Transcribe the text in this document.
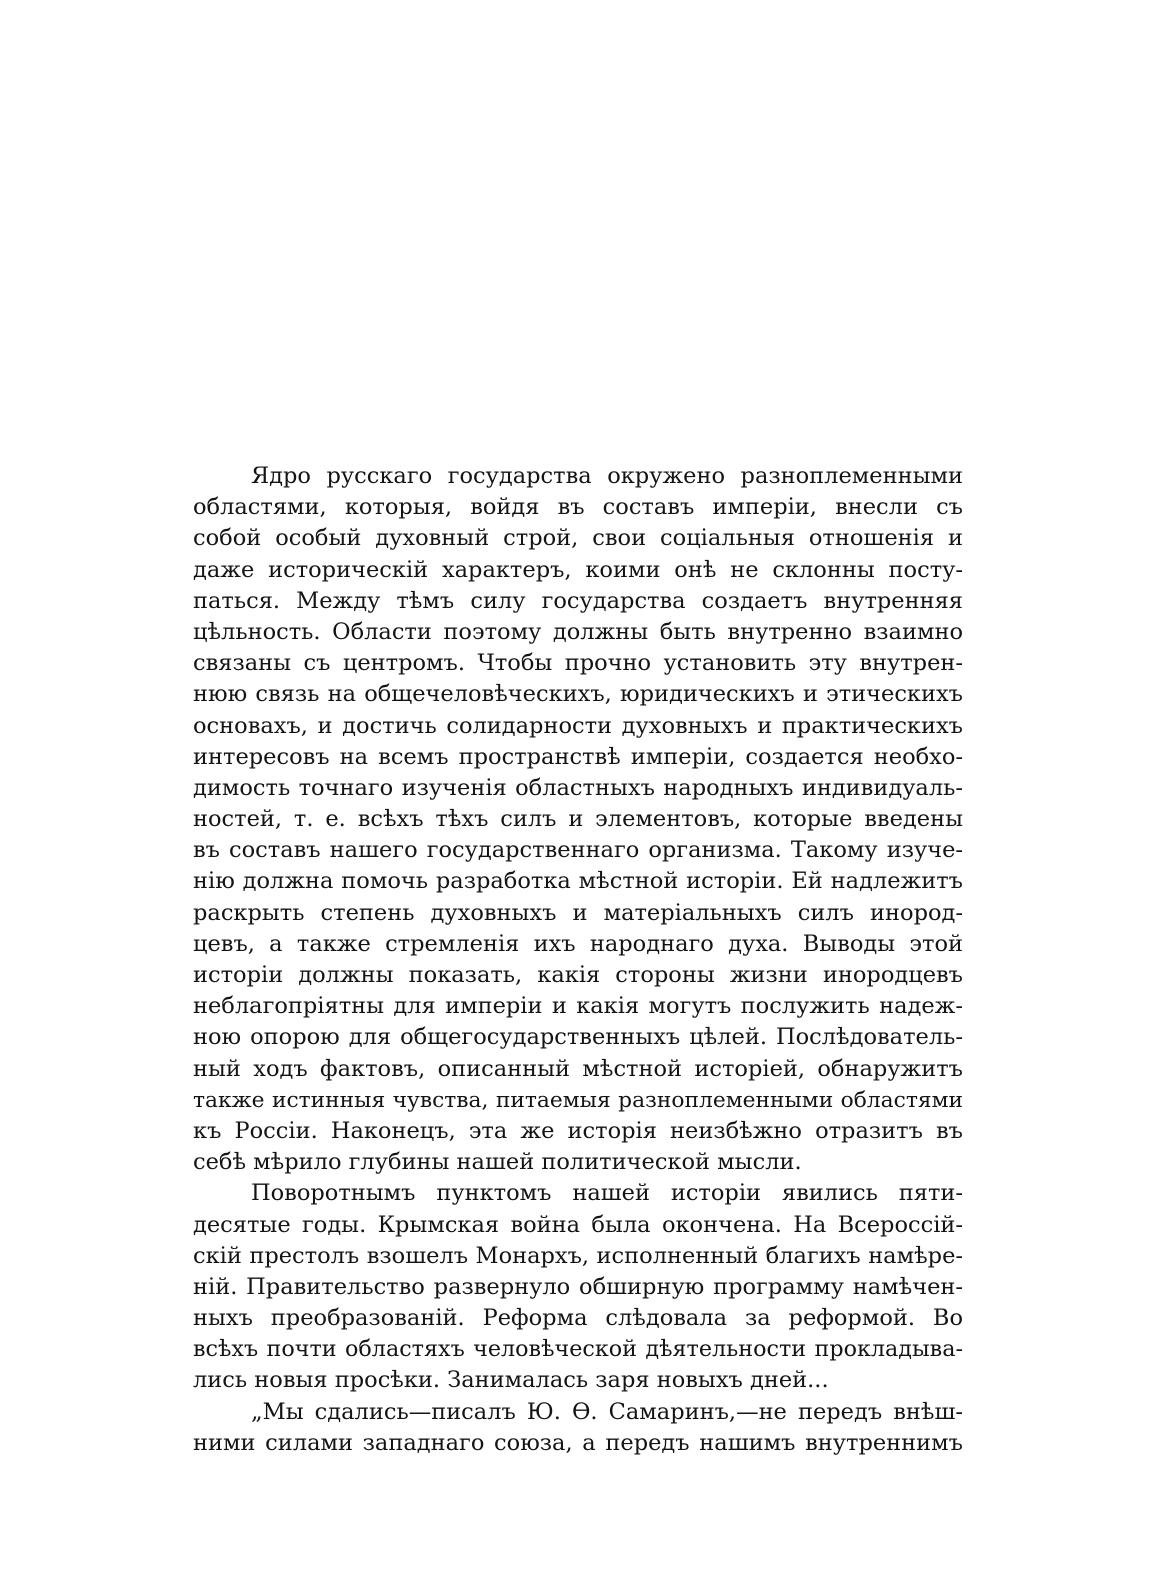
Ядро русскаго государства окружено разноплеменными
областями, которыя, войдя въ составъ имперіи, внесли съ
собой особый духовный строй, свои соціальныя отношенія и
даже историческій характеръ, коими онѣ не склонны посту-
паться. Между тѣмъ силу государства создаетъ внутренняя
цѣльность. Области поэтому должны быть внутренно взаимно
связаны съ центромъ. Чтобы прочно установить эту внутрен-
нюю связь на общечеловѣческихъ, юридическихъ и этическихъ
основахъ, и достичь солидарности духовныхъ и практическихъ
интересовъ на всемъ пространствѣ имперіи, создается необхо-
димость точнаго изученія областныхъ народныхъ индивидуаль-
ностей, т. е. всѣхъ тѣхъ силъ и элементовъ, которые введены
въ составъ нашего государственнаго организма. Такому изуче-
нію должна помочь разработка мѣстной исторіи. Ей надлежитъ
раскрыть степень духовныхъ и матеріальныхъ силъ инород-
цевъ, а также стремленія ихъ народнаго духа. Выводы этой
исторіи должны показать, какія стороны жизни инородцевъ
неблагопріятны для имперіи и какія могутъ послужить надеж-
ною опорою для общегосударственныхъ цѣлей. Послѣдователь-
ный ходъ фактовъ, описанный мѣстной исторіей, обнаружитъ
также истинныя чувства, питаемыя разноплеменными областями
къ Россіи. Наконецъ, эта же исторія неизбѣжно отразитъ въ
себѣ мѣрило глубины нашей политической мысли.

Поворотнымъ пунктомъ нашей исторіи явились пяти-
десятые годы. Крымская война была окончена. На Всероссій-
скій престолъ взошелъ Монархъ, исполненный благихъ намѣре-
ній. Правительство развернуло обширную программу намѣчен-
ныхъ преобразованій. Реформа слѣдовала за реформой. Во
всѣхъ почти областяхъ человѣческой дѣятельности прокладыва-
лись новыя просѣки. Занималась заря новыхъ дней...

„Мы сдались—писалъ Ю. Ѳ. Самаринъ,—не передъ внѣш-
ними силами западнаго союза, а передъ нашимъ внутреннимъ
